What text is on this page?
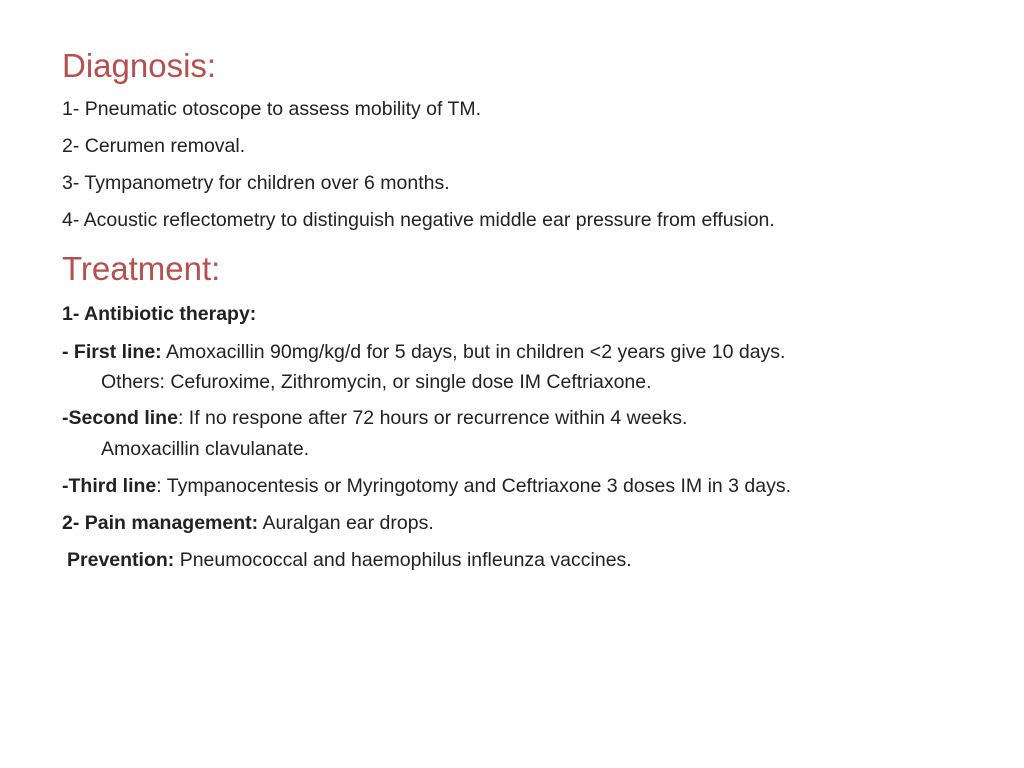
Diagnosis:

1- Pneumatic otoscope to assess mobility of TM.

2- Cerumen removal.

3- Tympanometry for children over 6 months.

4- Acoustic reflectometry to distinguish negative middle ear pressure from effusion.

Treatment:

1- Antibiotic therapy:

- First line: Amoxacillin 90mg/kg/d for 5 days, but in children <2 years give 10 days.

Others: Cefuroxime, Zithromycin, or single dose IM Ceftriaxone.

-Second line: If no respone after 72 hours or recurrence within 4 weeks.

Amoxacillin clavulanate.

-Third line: Tympanocentesis or Myringotomy and Ceftriaxone 3 doses IM in 3 days.

2- Pain management: Auralgan ear drops.

Prevention: Pneumococcal and haemophilus infleunza vaccines.
